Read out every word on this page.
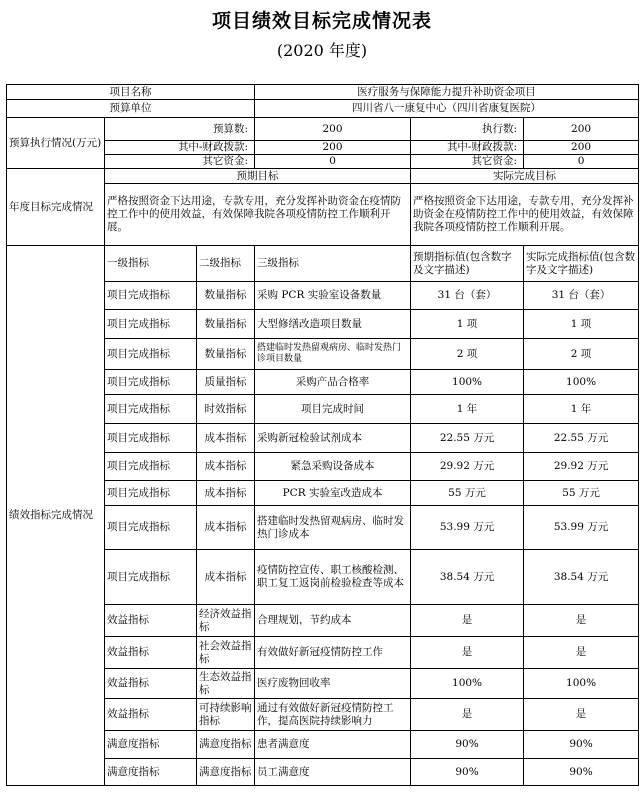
项目绩效目标完成情况表
(2020 年度)
项目名称			医疗服务与保障能力提升补助资金项目		
预算单位			四川省八一康复中心（四川省康复医院）		
预算执行情况(万元)	预算数:		200	执行数:	200
	其中-财政拨款:		200	其中-财政拨款:	200
	其它资金:		0	其它资金:	0
年度目标完成情况	预期目标			实际完成目标	
	严格按照资金下达用途，专款专用，充分发挥补助资金在疫情防控工作中的使用效益，有效保障我院各项疫情防控工作顺利开展。			严格按照资金下达用途，专款专用，充分发挥补助资金在疫情防控工作中的使用效益，有效保障我院各项疫情防控工作顺利开展。	
绩效指标完成情况	一级指标	二级指标	三级指标	预期指标值(包含数字及文字描述)	实际完成指标值(包含数字及文字描述)
	项目完成指标	数量指标	采购 PCR 实验室设备数量	31 台（套）	31 台（套）
	项目完成指标	数量指标	大型修缮改造项目数量	1 项	1 项
	项目完成指标	数量指标	搭建临时发热留观病房、临时发热门诊项目数量	2 项	2 项
	项目完成指标	质量指标	采购产品合格率	100%	100%
	项目完成指标	时效指标	项目完成时间	1 年	1 年
	项目完成指标	成本指标	采购新冠检验试剂成本	22.55 万元	22.55 万元
	项目完成指标	成本指标	紧急采购设备成本	29.92 万元	29.92 万元
	项目完成指标	成本指标	PCR 实验室改造成本	55 万元	55 万元
	项目完成指标	成本指标	搭建临时发热留观病房、临时发热门诊成本	53.99 万元	53.99 万元
	项目完成指标	成本指标	疫情防控宣传、职工核酸检测、职工复工返岗前检验检查等成本	38.54 万元	38.54 万元
	效益指标	经济效益指标	合理规划，节约成本	是	是
	效益指标	社会效益指标	有效做好新冠疫情防控工作	是	是
	效益指标	生态效益指标	医疗废物回收率	100%	100%
	效益指标	可持续影响指标	通过有效做好新冠疫情防控工作，提高医院持续影响力	是	是
	满意度指标	满意度指标	患者满意度	90%	90%
	满意度指标	满意度指标	员工满意度	90%	90%
